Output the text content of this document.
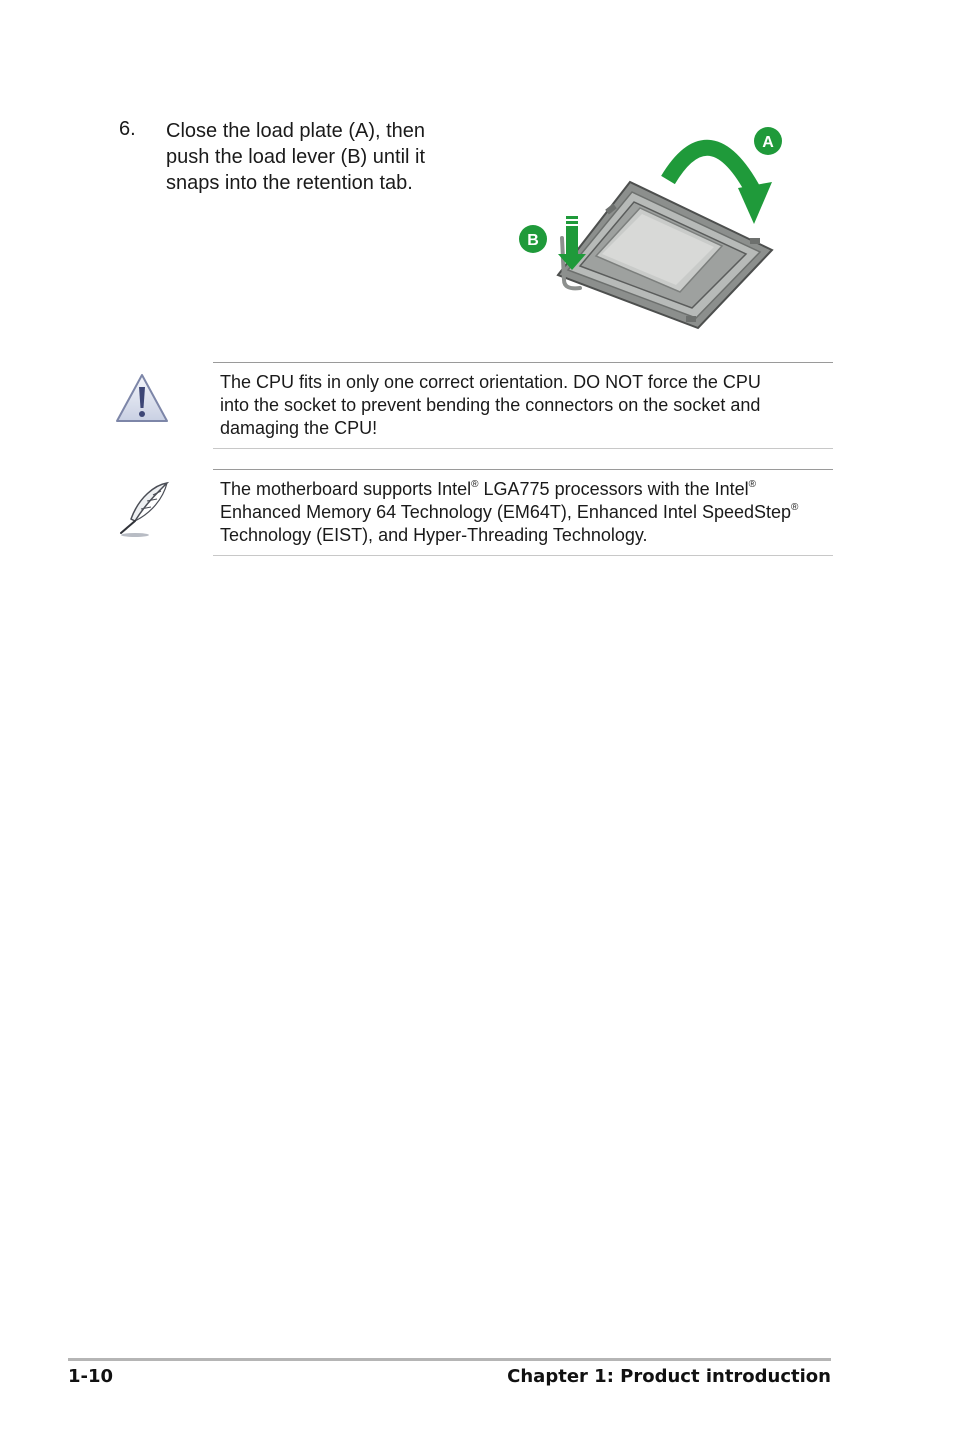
6. Close the load plate (A), then
push the load lever (B) until it
snaps into the retention tab.
A
B
The CPU fits in only one correct orientation. DO NOT force the CPU
into the socket to prevent bending the connectors on the socket and
damaging the CPU!
The motherboard supports Intel® LGA775 processors with the Intel®
Enhanced Memory 64 Technology (EM64T), Enhanced Intel SpeedStep®
Technology (EIST), and Hyper-Threading Technology.
1-10	Chapter 1: Product introduction
